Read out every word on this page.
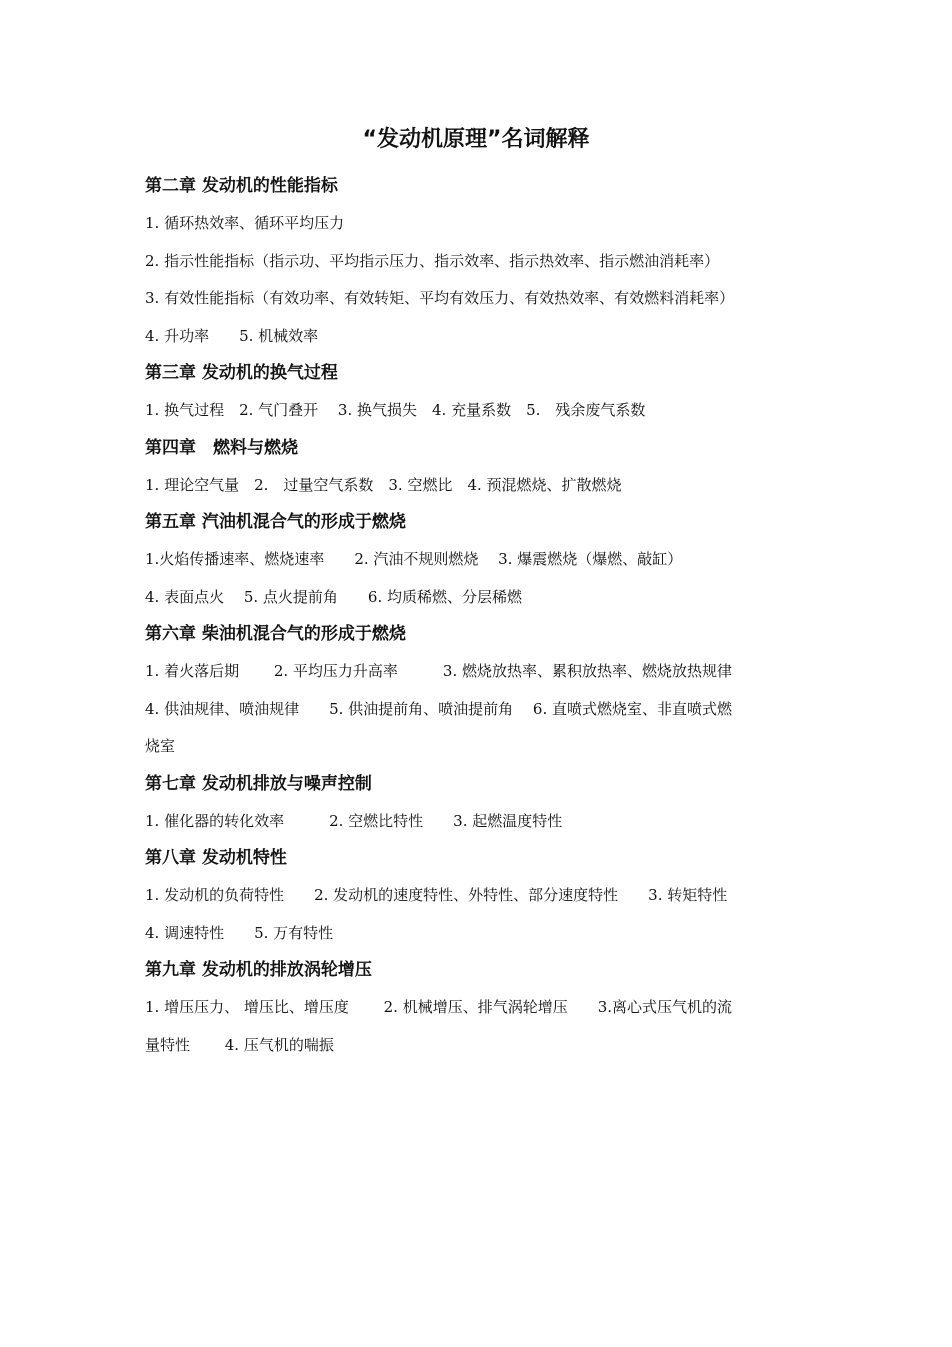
“发动机原理”名词解释
第二章 发动机的性能指标
1. 循环热效率、循环平均压力
2. 指示性能指标（指示功、平均指示压力、指示效率、指示热效率、指示燃油消耗率）
3. 有效性能指标（有效功率、有效转矩、平均有效压力、有效热效率、有效燃料消耗率）
4. 升功率　　5. 机械效率
第三章 发动机的换气过程
1. 换气过程　2. 气门叠开　 3. 换气损失　4. 充量系数　5.　残余废气系数
第四章　燃料与燃烧
1. 理论空气量　2.　过量空气系数　3. 空燃比　4. 预混燃烧、扩散燃烧
第五章 汽油机混合气的形成于燃烧
1.火焰传播速率、燃烧速率　　2. 汽油不规则燃烧　 3. 爆震燃烧（爆燃、敲缸）
4. 表面点火　 5. 点火提前角　　6. 均质稀燃、分层稀燃
第六章 柴油机混合气的形成于燃烧
1. 着火落后期　　 2. 平均压力升高率　　　3. 燃烧放热率、累积放热率、燃烧放热规律
4. 供油规律、喷油规律　　5. 供油提前角、喷油提前角　 6. 直喷式燃烧室、非直喷式燃
烧室
第七章 发动机排放与噪声控制
1. 催化器的转化效率　　　2. 空燃比特性　　3. 起燃温度特性
第八章 发动机特性
1. 发动机的负荷特性　　2. 发动机的速度特性、外特性、部分速度特性　　3. 转矩特性
4. 调速特性　　5. 万有特性
第九章 发动机的排放涡轮增压
1. 增压压力、 增压比、增压度　　 2. 机械增压、排气涡轮增压　　3.离心式压气机的流
量特性　　 4. 压气机的喘振
